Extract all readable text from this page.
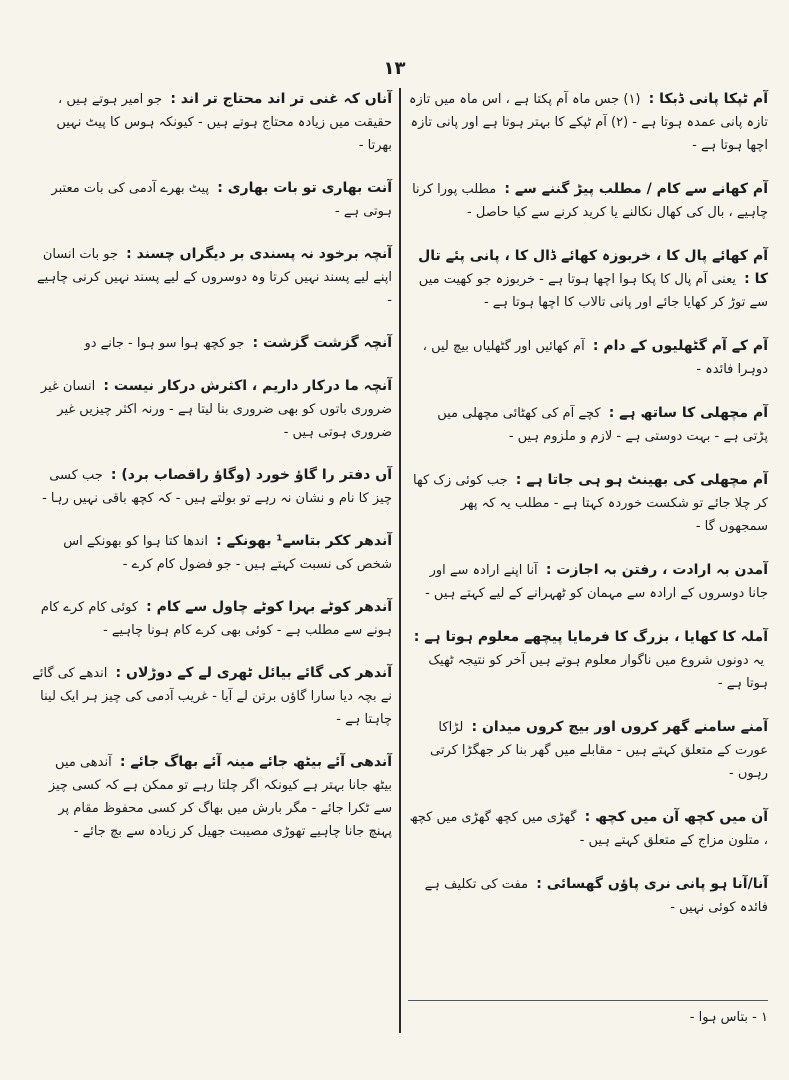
۱۳
آم ٹپکا پانی ڈبکا : (۱) جس ماہ آم پکتا ہے ، اس ماہ میں تازہ تازہ پانی عمدہ ہوتا ہے - (۲) آم ٹپکے کا بہتر ہوتا ہے اور پانی تازہ اچھا ہوتا ہے -
آم کھانے سے کام / مطلب پیڑ گننے سے : مطلب پورا کرنا چاہیے ، بال کی کھال نکالنے یا کرید کرنے سے کیا حاصل -
آم کھائے پال کا ، خربوزہ کھائے ڈال کا ، پانی پئے تال کا : یعنی آم پال کا پکا ہوا اچھا ہوتا ہے - خربوزہ جو کھیت میں سے توڑ کر کھایا جائے اور پانی تالاب کا اچھا ہوتا ہے -
آم کے آم گٹھلیوں کے دام : آم کھائیں اور گٹھلیاں بیچ لیں ، دوہرا فائدہ -
آم مچھلی کا ساتھ ہے : کچے آم کی کھٹائی مچھلی میں پڑتی ہے - بہت دوستی ہے - لازم و ملزوم ہیں -
آم مچھلی کی بھینٹ ہو ہی جاتا ہے : جب کوئی زک کھا کر چلا جائے تو شکست خوردہ کہتا ہے - مطلب یہ کہ پھر سمجھوں گا -
آمدن بہ ارادت ، رفتن بہ اجازت : آنا اپنے ارادہ سے اور جانا دوسروں کے ارادہ سے مہمان کو ٹھہرانے کے لیے کہتے ہیں -
آملہ کا کھایا ، بزرگ کا فرمایا پیچھے معلوم ہوتا ہے : یہ دونوں شروع میں ناگوار معلوم ہوتے ہیں آخر کو نتیجہ ٹھیک ہوتا ہے -
آمنے سامنے گھر کروں اور بیچ کروں میدان : لڑاکا عورت کے متعلق کہتے ہیں - مقابلے میں گھر بنا کر جھگڑا کرتی رہوں -
آن میں کچھ آن میں کچھ : گھڑی میں کچھ گھڑی میں کچھ ، متلون مزاج کے متعلق کہتے ہیں -
آنا/آنا ہو پانی نری پاؤں گھسائی : مفت کی تکلیف ہے فائدہ کوئی نہیں -
آناں کہ غنی تر اند محتاج تر اند : جو امیر ہوتے ہیں ، حقیقت میں زیادہ محتاج ہوتے ہیں - کیونکہ ہوس کا پیٹ نہیں بھرتا -
آنت بھاری تو بات بھاری : پیٹ بھرے آدمی کی بات معتبر ہوتی ہے -
آنچہ برخود نہ پسندی بر دیگراں چسند : جو بات انسان اپنے لیے پسند نہیں کرتا وہ دوسروں کے لیے پسند نہیں کرنی چاہیے -
آنچہ گزشت گزشت : جو کچھ ہوا سو ہوا - جانے دو
آنچہ ما درکار داریم ، اکثرش درکار نیست : انسان غیر ضروری باتوں کو بھی ضروری بنا لیتا ہے - ورنہ اکثر چیزیں غیر ضروری ہوتی ہیں -
آں دفتر را گاؤ خورد (وگاؤ راقصاب برد) : جب کسی چیز کا نام و نشان نہ رہے تو بولتے ہیں - کہ کچھ باقی نہیں رہا -
آندھر ککر بتاسے¹ بھونکے : اندھا کتا ہوا کو بھونکے اس شخص کی نسبت کہتے ہیں - جو فضول کام کرے -
آندھر کوٹے بہرا کوٹے چاول سے کام : کوئی کام کرے کام ہونے سے مطلب ہے - کوئی بھی کرے کام ہونا چاہیے -
آندھر کی گائے بیائل ٹھری لے کے دوڑلاں : اندھے کی گائے نے بچہ دیا سارا گاؤں برتن لے آیا - غریب آدمی کی چیز ہر ایک لینا چاہتا ہے -
آندھی آئے بیٹھ جائے مینہ آئے بھاگ جائے : آندھی میں بیٹھ جانا بہتر ہے کیونکہ اگر چلتا رہے تو ممکن ہے کہ کسی چیز سے ٹکرا جائے - مگر بارش میں بھاگ کر کسی محفوظ مقام پر پہنچ جانا چاہیے تھوڑی مصیبت جھیل کر زیادہ سے بچ جائے -
۱ - بتاس ہوا -
